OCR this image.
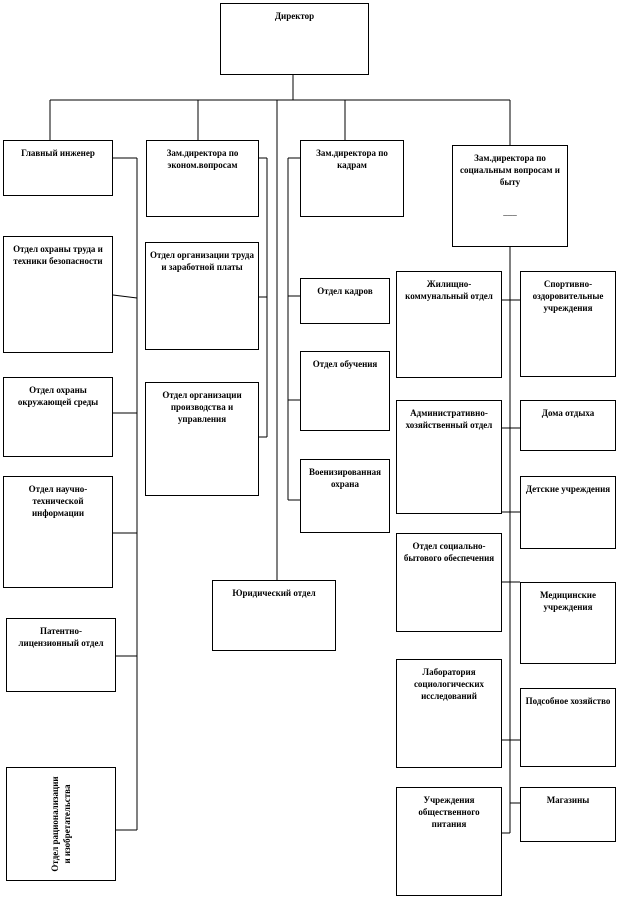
Директор
Главный инженер	Зам.директора по эконом.вопросам
Зам.директора по кадрам
Зам.директора по социальным вопросам и быту
___
Отдел охраны труда и техники безопасности
Отдел охраны окружающей среды
Отдел научно-технической информации
Патентно-лицензионный отдел
Отдел рационализации и изобретательства
Отдел организации труда и заработной платы
Отдел организации производства и управления
Отдел кадров
Отдел обучения
Военизированная охрана
Юридический отдел
Жилищно-коммунальный отдел
Административно-хозяйственный отдел
Отдел социально-бытового обеспечения
Лаборатория социологических исследований
Учреждения общественного питания
Спортивно-оздоровительные учреждения
Дома отдыха
Детские учреждения
Медицинские учреждения
Подсобное хозяйство
Магазины
